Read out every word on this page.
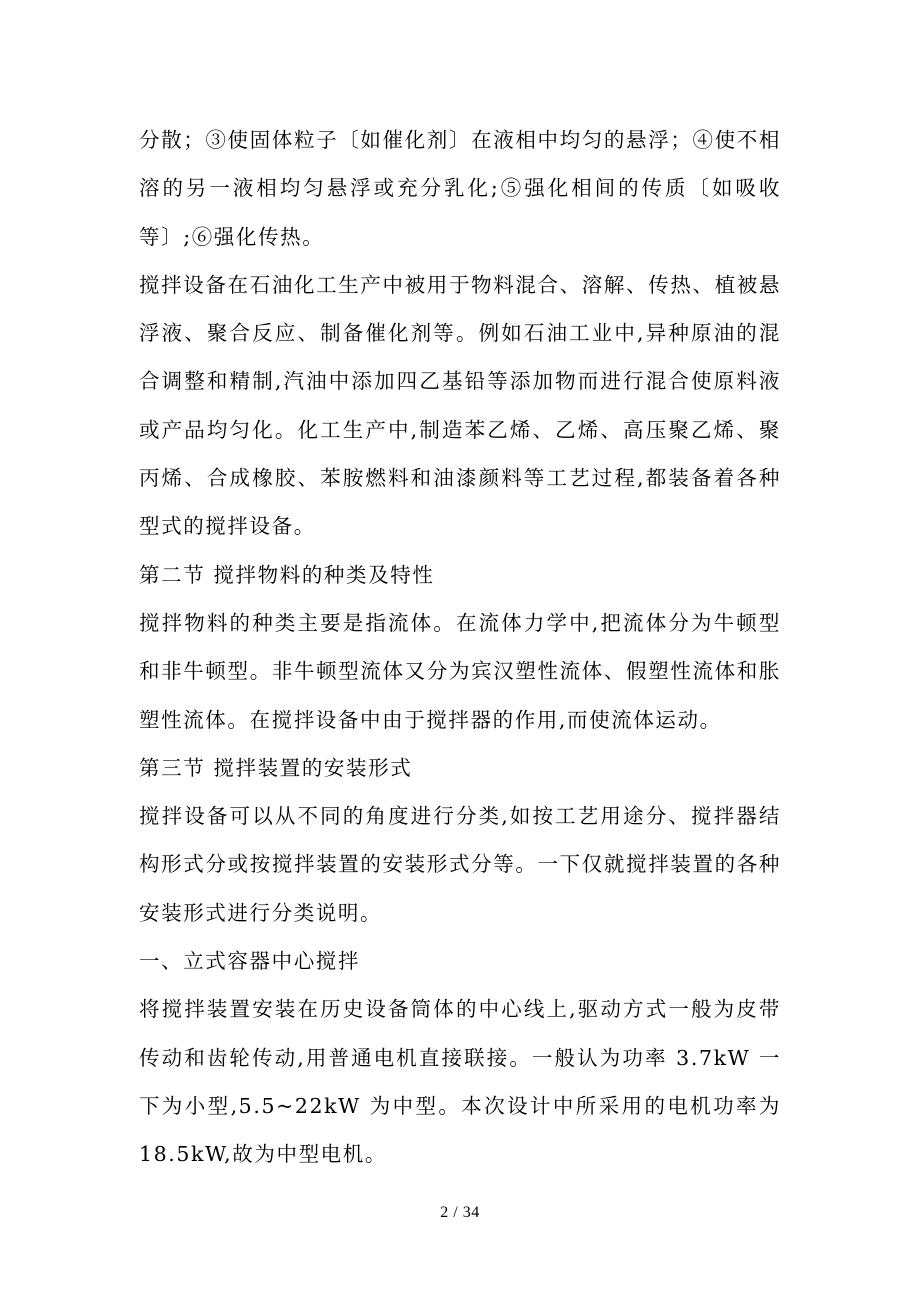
分散；③使固体粒子〔如催化剂〕在液相中均匀的悬浮；④使不相溶的另一液相均匀悬浮或充分乳化;⑤强化相间的传质〔如吸收等〕;⑥强化传热。

搅拌设备在石油化工生产中被用于物料混合、溶解、传热、植被悬浮液、聚合反应、制备催化剂等。例如石油工业中,异种原油的混合调整和精制,汽油中添加四乙基铅等添加物而进行混合使原料液或产品均匀化。化工生产中,制造苯乙烯、乙烯、高压聚乙烯、聚丙烯、合成橡胶、苯胺燃料和油漆颜料等工艺过程,都装备着各种型式的搅拌设备。

第二节 搅拌物料的种类及特性

搅拌物料的种类主要是指流体。在流体力学中,把流体分为牛顿型和非牛顿型。非牛顿型流体又分为宾汉塑性流体、假塑性流体和胀塑性流体。在搅拌设备中由于搅拌器的作用,而使流体运动。

第三节 搅拌装置的安装形式

搅拌设备可以从不同的角度进行分类,如按工艺用途分、搅拌器结构形式分或按搅拌装置的安装形式分等。一下仅就搅拌装置的各种安装形式进行分类说明。

一、立式容器中心搅拌

将搅拌装置安装在历史设备筒体的中心线上,驱动方式一般为皮带传动和齿轮传动,用普通电机直接联接。一般认为功率 3.7kW 一下为小型,5.5~22kW 为中型。本次设计中所采用的电机功率为 18.5kW,故为中型电机。

2 / 34
